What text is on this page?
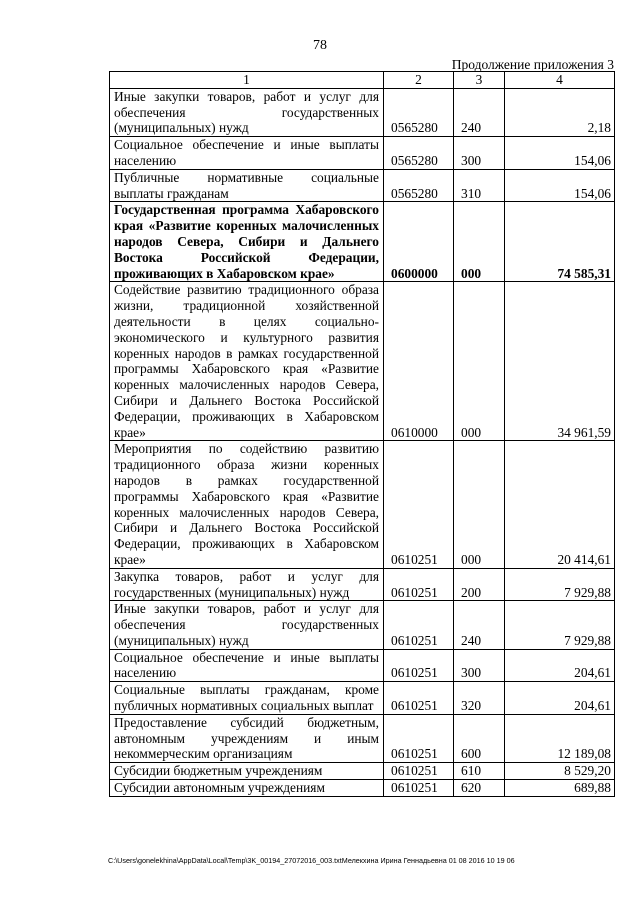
78
Продолжение приложения 3
1	2	3	4
Иные закупки товаров, работ и услуг для обеспечения государственных (муниципальных) нужд	0565280	240	2,18
Социальное обеспечение и иные выплаты населению	0565280	300	154,06
Публичные нормативные социальные выплаты гражданам	0565280	310	154,06
Государственная программа Хабаровского края «Развитие коренных малочисленных народов Севера, Сибири и Дальнего Востока Российской Федерации, проживающих в Хабаровском крае»	0600000	000	74 585,31
Содействие развитию традиционного образа жизни, традиционной хозяйственной деятельности в целях социально-экономического и культурного развития коренных народов в рамках государственной программы Хабаровского края «Развитие коренных малочисленных народов Севера, Сибири и Дальнего Востока Российской Федерации, проживающих в Хабаровском крае»	0610000	000	34 961,59
Мероприятия по содействию развитию традиционного образа жизни коренных народов в рамках государственной программы Хабаровского края «Развитие коренных малочисленных народов Севера, Сибири и Дальнего Востока Российской Федерации, проживающих в Хабаровском крае»	0610251	000	20 414,61
Закупка товаров, работ и услуг для государственных (муниципальных) нужд	0610251	200	7 929,88
Иные закупки товаров, работ и услуг для обеспечения государственных (муниципальных) нужд	0610251	240	7 929,88
Социальное обеспечение и иные выплаты населению	0610251	300	204,61
Социальные выплаты гражданам, кроме публичных нормативных социальных выплат	0610251	320	204,61
Предоставление субсидий бюджетным, автономным учреждениям и иным некоммерческим организациям	0610251	600	12 189,08
Субсидии бюджетным учреждениям	0610251	610	8 529,20
Субсидии автономным учреждениям	0610251	620	689,88
C:\Users\gonelekhina\AppData\Local\Temp\3K_00194_27072016_003.txtМелекхина Ирина Геннадьевна 01 08 2016 10 19 06
